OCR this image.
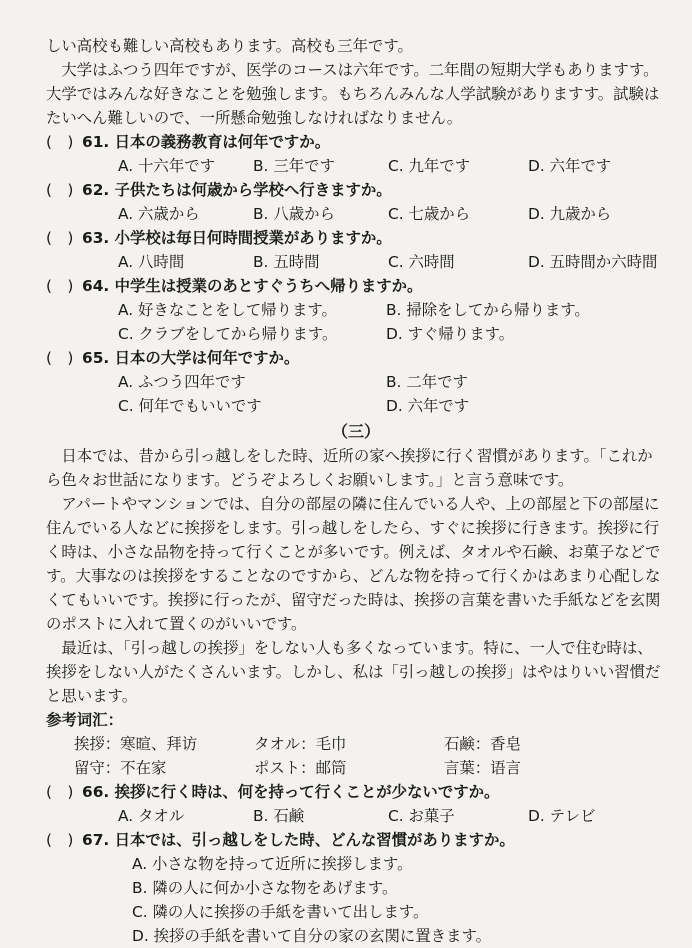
しい高校も難しい高校もあります。高校も三年です。

大学はふつう四年ですが、医学のコースは六年です。二年間の短期大学もありますす。大学ではみんな好きなことを勉強します。もちろんみんな人学試験がありますす。試験はたいへん難しいので、一所懸命勉強しなければなりません。

(　) 61. 日本の義務教育は何年ですか。
A. 十六年です	B. 三年です	C. 九年です	D. 六年です
(　) 62. 子供たちは何歳から学校へ行きますか。
A. 六歳から	B. 八歳から	C. 七歳から	D. 九歳から
(　) 63. 小学校は毎日何時間授業がありますか。
A. 八時間	B. 五時間	C. 六時間	D. 五時間か六時間
(　) 64. 中学生は授業のあとすぐうちへ帰りますか。
A. 好きなことをして帰ります。	B. 掃除をしてから帰ります。
C. クラブをしてから帰ります。	D. すぐ帰ります。
(　) 65. 日本の大学は何年ですか。
A. ふつう四年です	B. 二年です
C. 何年でもいいです	D. 六年です
（三）

日本では、昔から引っ越しをした時、近所の家へ挨拶に行く習慣があります。「これから色々お世話になります。どうぞよろしくお願いします。」と言う意味です。

アパートやマンションでは、自分の部屋の隣に住んでいる人や、上の部屋と下の部屋に住んでいる人などに挨拶をします。引っ越しをしたら、すぐに挨拶に行きます。挨拶に行く時は、小さな品物を持って行くことが多いです。例えば、タオルや石鹸、お菓子などです。大事なのは挨拶をすることなのですから、どんな物を持って行くかはあまり心配しなくてもいいです。挨拶に行ったが、留守だった時は、挨拶の言葉を書いた手紙などを玄関のポストに入れて置くのがいいです。

最近は、「引っ越しの挨拶」をしない人も多くなっています。特に、一人で住む時は、挨拶をしない人がたくさんいます。しかし、私は「引っ越しの挨拶」はやはりいい習慣だと思います。

参考词汇：

挨拶：寒暄、拜访	タオル：毛巾	石鹸：香皂
留守：不在家	ポスト：邮筒	言葉：语言
(　) 66. 挨拶に行く時は、何を持って行くことが少ないですか。
A. タオル	B. 石鹸	C. お菓子	D. テレビ
(　) 67. 日本では、引っ越しをした時、どんな習慣がありますか。
A. 小さな物を持って近所に挨拶します。
B. 隣の人に何か小さな物をあげます。
C. 隣の人に挨拶の手紙を書いて出します。
D. 挨拶の手紙を書いて自分の家の玄関に置きます。
